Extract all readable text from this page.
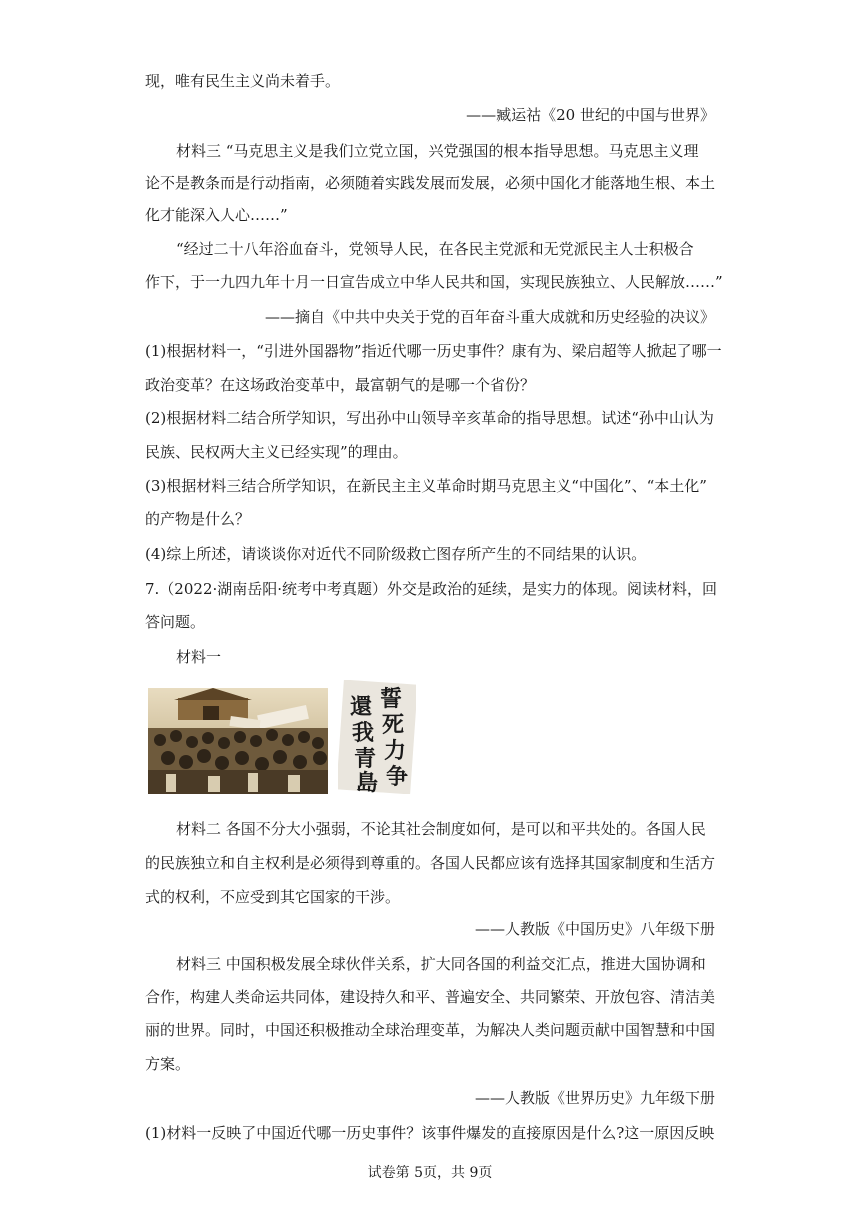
现，唯有民生主义尚未着手。
——臧运祜《20 世纪的中国与世界》
材料三 “马克思主义是我们立党立国，兴党强国的根本指导思想。马克思主义理
论不是教条而是行动指南，必须随着实践发展而发展，必须中国化才能落地生根、本土
化才能深入人心……”
“经过二十八年浴血奋斗，党领导人民，在各民主党派和无党派民主人士积极合
作下，于一九四九年十月一日宣告成立中华人民共和国，实现民族独立、人民解放……”
——摘自《中共中央关于党的百年奋斗重大成就和历史经验的决议》
(1)根据材料一，“引进外国器物”指近代哪一历史事件？康有为、梁启超等人掀起了哪一
政治变革？在这场政治变革中，最富朝气的是哪一个省份？
(2)根据材料二结合所学知识，写出孙中山领导辛亥革命的指导思想。试述“孙中山认为
民族、民权两大主义已经实现”的理由。
(3)根据材料三结合所学知识，在新民主主义革命时期马克思主义“中国化”、“本土化”
的产物是什么？
(4)综上所述，请谈谈你对近代不同阶级救亡图存所产生的不同结果的认识。
7.（2022·湖南岳阳·统考中考真题）外交是政治的延续，是实力的体现。阅读材料，回
答问题。
材料一
誓
死
力
争
還
我
青
島
材料二 各国不分大小强弱，不论其社会制度如何，是可以和平共处的。各国人民
的民族独立和自主权利是必须得到尊重的。各国人民都应该有选择其国家制度和生活方
式的权利，不应受到其它国家的干涉。
——人教版《中国历史》八年级下册
材料三 中国积极发展全球伙伴关系，扩大同各国的利益交汇点，推进大国协调和
合作，构建人类命运共同体，建设持久和平、普遍安全、共同繁荣、开放包容、清洁美
丽的世界。同时，中国还积极推动全球治理变革，为解决人类问题贡献中国智慧和中国
方案。
——人教版《世界历史》九年级下册
(1)材料一反映了中国近代哪一历史事件？该事件爆发的直接原因是什么?这一原因反映
试卷第 5页，共 9页
